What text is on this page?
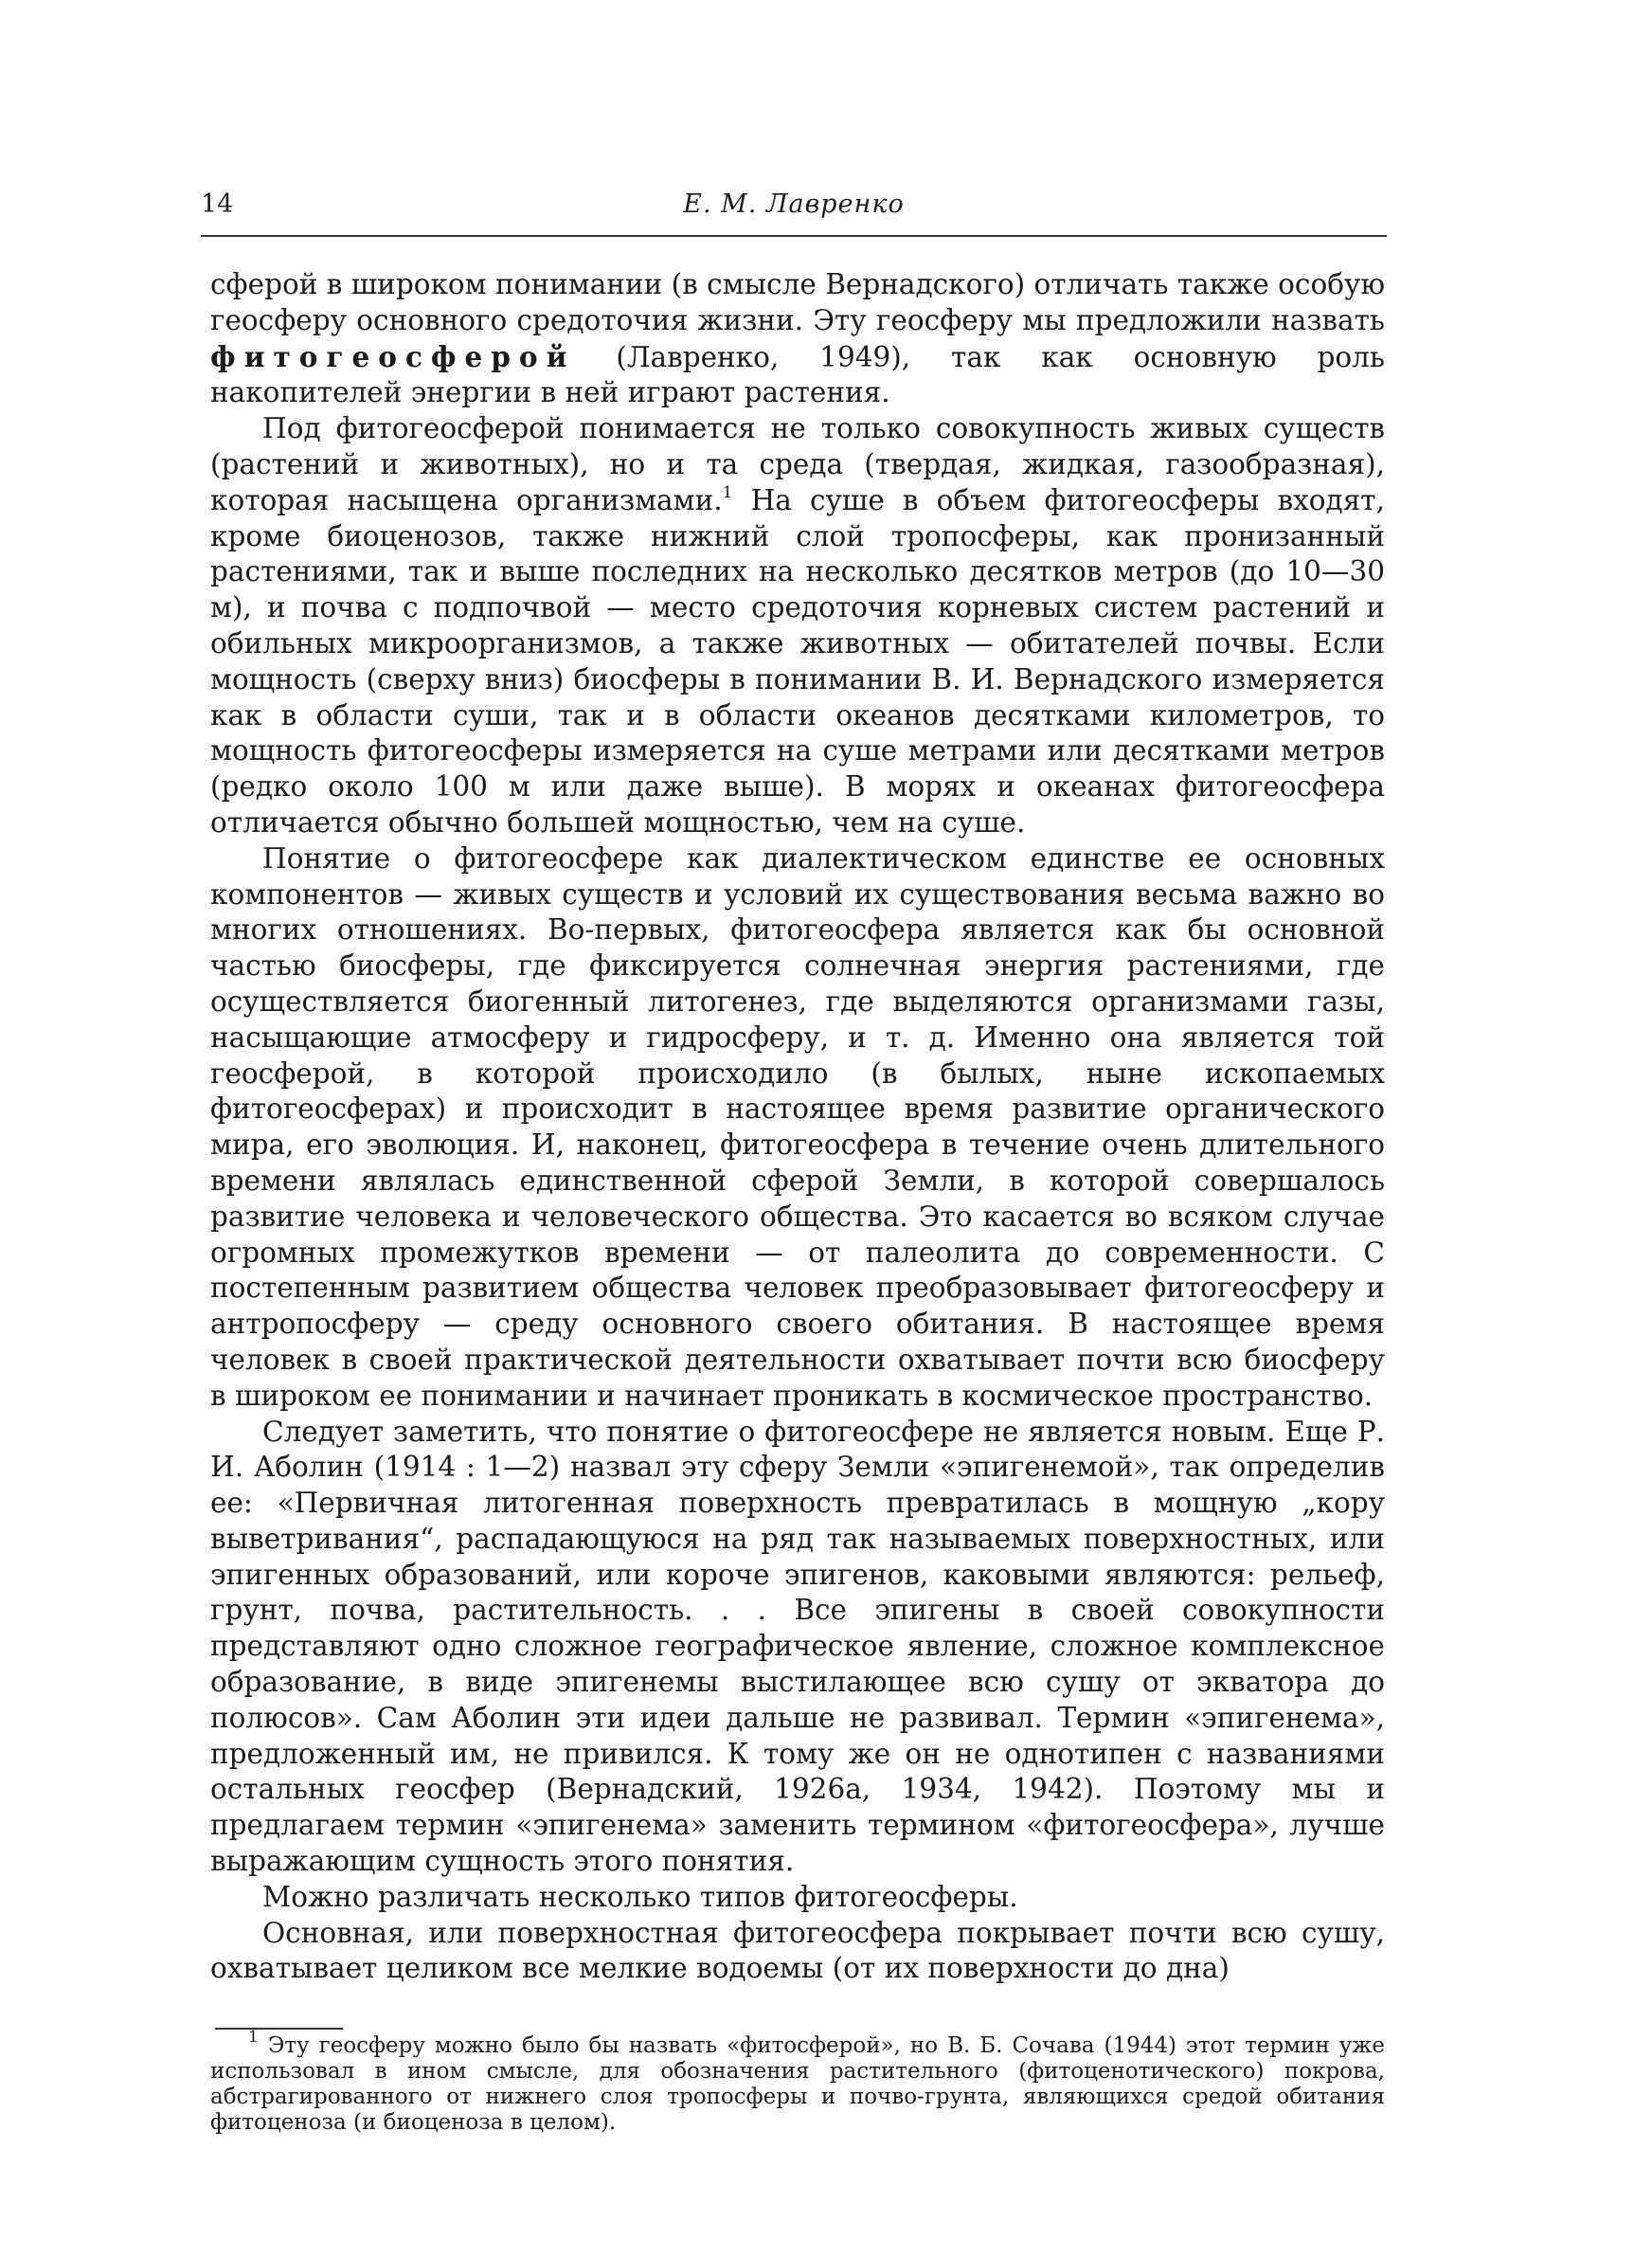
14	Е. М. Лавренко

сферой в широком понимании (в смысле Вернадского) отличать также особую геосферу основного средоточия жизни. Эту геосферу мы предложили назвать фитогеосферой (Лавренко, 1949), так как основную роль накопителей энергии в ней играют растения.

Под фитогеосферой понимается не только совокупность живых существ (растений и животных), но и та среда (твердая, жидкая, газообразная), которая насыщена организмами.$^1$ На суше в объем фитогеосферы входят, кроме биоценозов, также нижний слой тропосферы, как пронизанный растениями, так и выше последних на несколько десятков метров (до 10—30 м), и почва с подпочвой — место средоточия корневых систем растений и обильных микроорганизмов, а также животных — обитателей почвы. Если мощность (сверху вниз) биосферы в понимании В. И. Вернадского измеряется как в области суши, так и в области океанов десятками километров, то мощность фитогеосферы измеряется на суше метрами или десятками метров (редко около 100 м или даже выше). В морях и океанах фитогеосфера отличается обычно большей мощностью, чем на суше.

Понятие о фитогеосфере как диалектическом единстве ее основных компонентов — живых существ и условий их существования весьма важно во многих отношениях. Во-первых, фитогеосфера является как бы основной частью биосферы, где фиксируется солнечная энергия растениями, где осуществляется биогенный литогенез, где выделяются организмами газы, насыщающие атмосферу и гидросферу, и т. д. Именно она является той геосферой, в которой происходило (в былых, ныне ископаемых фитогеосферах) и происходит в настоящее время развитие органического мира, его эволюция. И, наконец, фитогеосфера в течение очень длительного времени являлась единственной сферой Земли, в которой совершалось развитие человека и человеческого общества. Это касается во всяком случае огромных промежутков времени — от палеолита до современности. С постепенным развитием общества человек преобразовывает фитогеосферу и антропосферу — среду основного своего обитания. В настоящее время человек в своей практической деятельности охватывает почти всю биосферу в широком ее понимании и начинает проникать в космическое пространство.

Следует заметить, что понятие о фитогеосфере не является новым. Еще Р. И. Аболин (1914 : 1—2) назвал эту сферу Земли «эпигенемой», так определив ее: «Первичная литогенная поверхность превратилась в мощную „кору выветривания“, распадающуюся на ряд так называемых поверхностных, или эпигенных образований, или короче эпигенов, каковыми являются: рельеф, грунт, почва, растительность. . . Все эпигены в своей совокупности представляют одно сложное географическое явление, сложное комплексное образование, в виде эпигенемы выстилающее всю сушу от экватора до полюсов». Сам Аболин эти идеи дальше не развивал. Термин «эпигенема», предложенный им, не привился. К тому же он не однотипен с названиями остальных геосфер (Вернадский, 1926а, 1934, 1942). Поэтому мы и предлагаем термин «эпигенема» заменить термином «фитогеосфера», лучше выражающим сущность этого понятия.

Можно различать несколько типов фитогеосферы.

Основная, или поверхностная фитогеосфера покрывает почти всю сушу, охватывает целиком все мелкие водоемы (от их поверхности до дна)

$^1$ Эту геосферу можно было бы назвать «фитосферой», но В. Б. Сочава (1944) этот термин уже использовал в ином смысле, для обозначения растительного (фитоценотического) покрова, абстрагированного от нижнего слоя тропосферы и почво-грунта, являющихся средой обитания фитоценоза (и биоценоза в целом).
